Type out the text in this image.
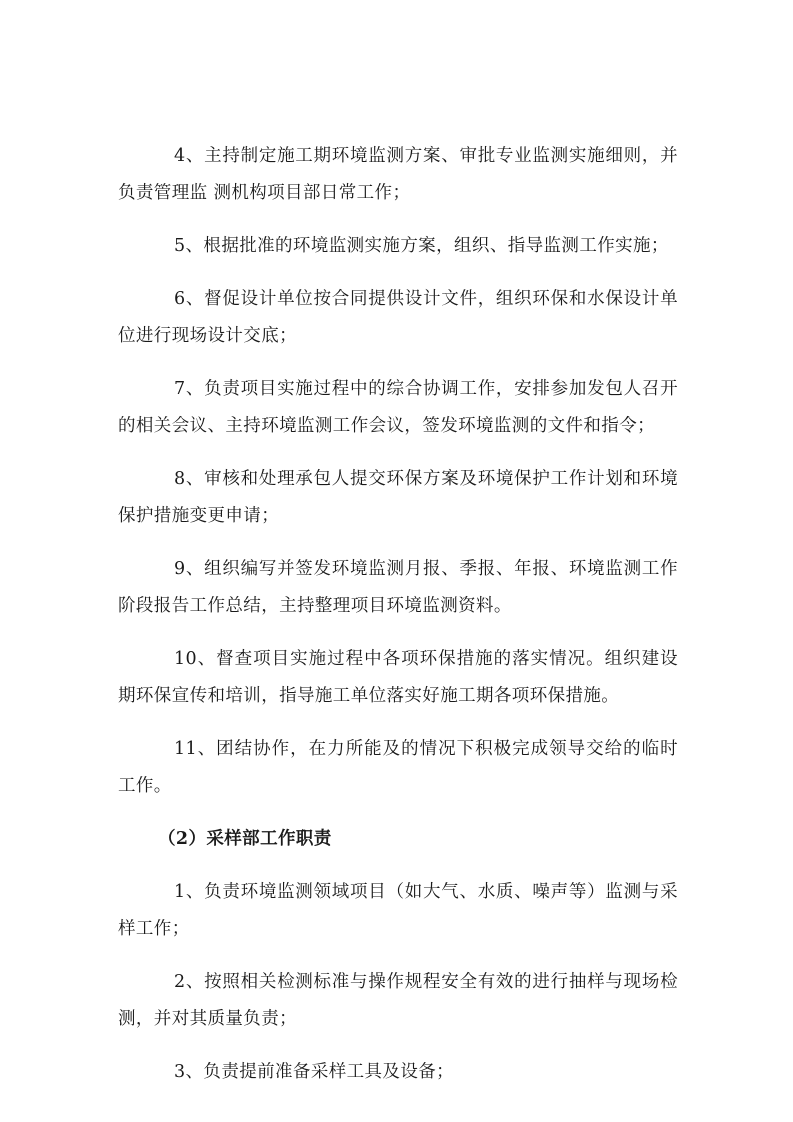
4、主持制定施工期环境监测方案、审批专业监测实施细则，并负责管理监 测机构项目部日常工作；

5、根据批准的环境监测实施方案，组织、指导监测工作实施；

6、督促设计单位按合同提供设计文件，组织环保和水保设计单位进行现场设计交底；

7、负责项目实施过程中的综合协调工作，安排参加发包人召开的相关会议、主持环境监测工作会议，签发环境监测的文件和指令；

8、审核和处理承包人提交环保方案及环境保护工作计划和环境保护措施变更申请；

9、组织编写并签发环境监测月报、季报、年报、环境监测工作阶段报告工作总结，主持整理项目环境监测资料。

10、督查项目实施过程中各项环保措施的落实情况。组织建设期环保宣传和培训，指导施工单位落实好施工期各项环保措施。

11、团结协作，在力所能及的情况下积极完成领导交给的临时工作。

（2）采样部工作职责

1、负责环境监测领域项目（如大气、水质、噪声等）监测与采样工作；

2、按照相关检测标准与操作规程安全有效的进行抽样与现场检测，并对其质量负责；

3、负责提前准备采样工具及设备；
